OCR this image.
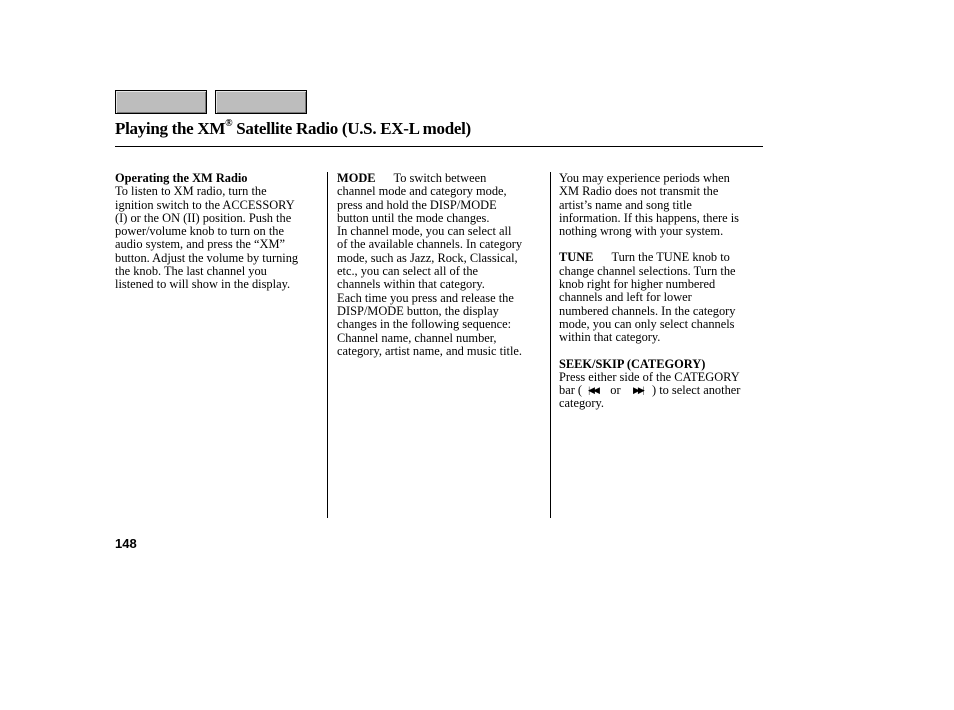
Playing the XM® Satellite Radio (U.S. EX-L model)
Operating the XM Radio
To listen to XM radio, turn the
ignition switch to the ACCESSORY
(I) or the ON (II) position. Push the
power/volume knob to turn on the
audio system, and press the “XM”
button. Adjust the volume by turning
the knob. The last channel you
listened to will show in the display.
MODE To switch between
channel mode and category mode,
press and hold the DISP/MODE
button until the mode changes.
In channel mode, you can select all
of the available channels. In category
mode, such as Jazz, Rock, Classical,
etc., you can select all of the
channels within that category.
Each time you press and release the
DISP/MODE button, the display
changes in the following sequence:
Channel name, channel number,
category, artist name, and music title.
You may experience periods when
XM Radio does not transmit the
artist’s name and song title
information. If this happens, there is
nothing wrong with your system.
TUNE Turn the TUNE knob to
change channel selections. Turn the
knob right for higher numbered
channels and left for lower
numbered channels. In the category
mode, you can only select channels
within that category.
SEEK/SKIP (CATEGORY)
Press either side of the CATEGORY
bar ( |◀◀ or ▶▶| ) to select another
category.
148
